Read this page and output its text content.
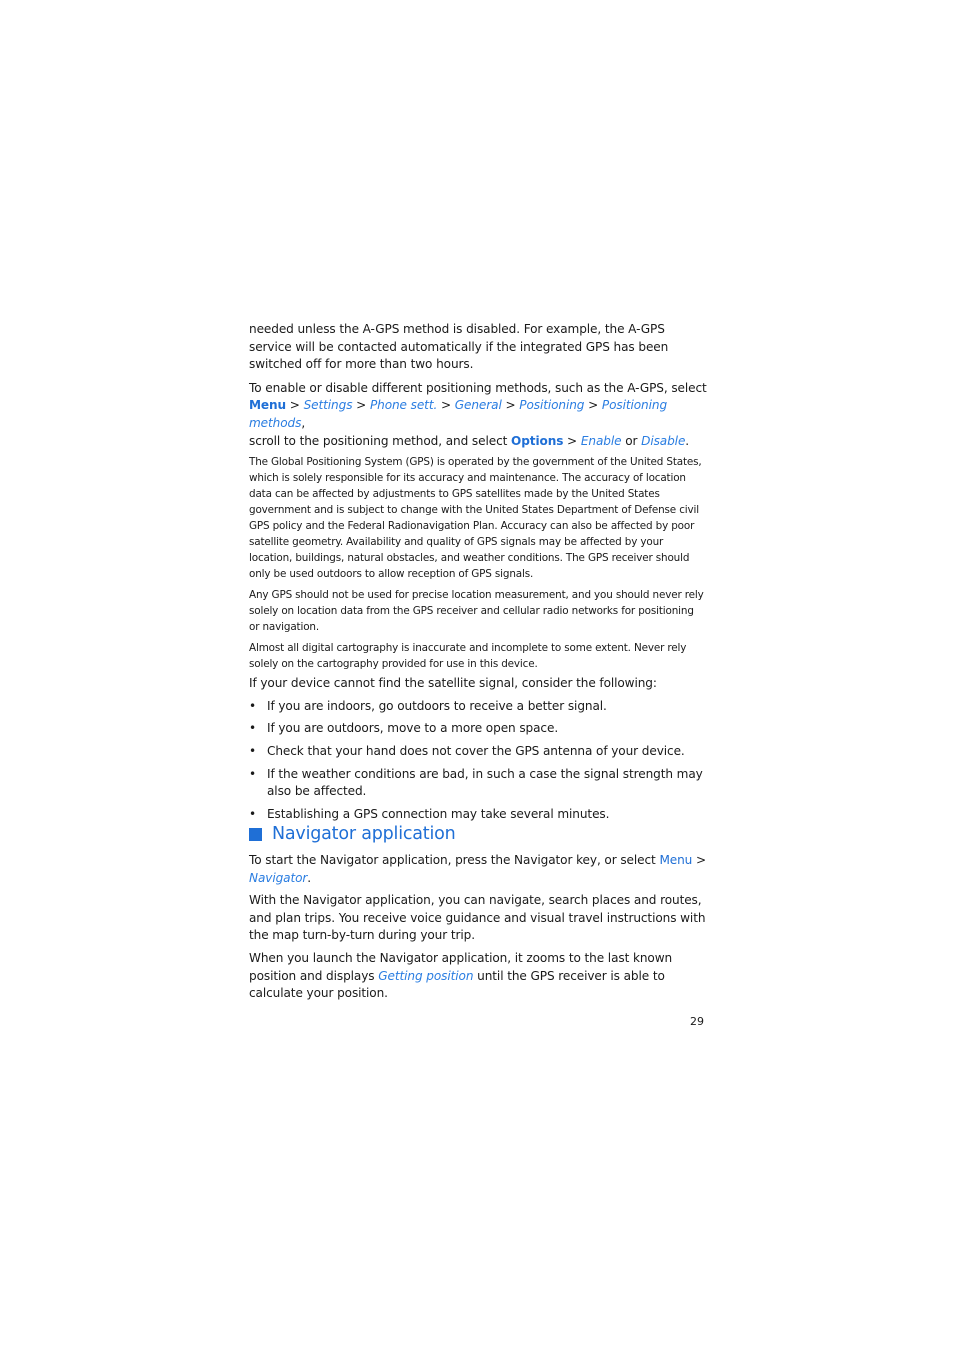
needed unless the A-GPS method is disabled. For example, the A-GPS service will be contacted automatically if the integrated GPS has been switched off for more than two hours.

To enable or disable different positioning methods, such as the A-GPS, select
Menu > Settings > Phone sett. > General > Positioning > Positioning methods,
scroll to the positioning method, and select Options > Enable or Disable.

The Global Positioning System (GPS) is operated by the government of the United States, which is solely responsible for its accuracy and maintenance. The accuracy of location data can be affected by adjustments to GPS satellites made by the United States government and is subject to change with the United States Department of Defense civil GPS policy and the Federal Radionavigation Plan. Accuracy can also be affected by poor satellite geometry. Availability and quality of GPS signals may be affected by your location, buildings, natural obstacles, and weather conditions. The GPS receiver should only be used outdoors to allow reception of GPS signals.

Any GPS should not be used for precise location measurement, and you should never rely solely on location data from the GPS receiver and cellular radio networks for positioning or navigation.

Almost all digital cartography is inaccurate and incomplete to some extent. Never rely solely on the cartography provided for use in this device.

If your device cannot find the satellite signal, consider the following:

• If you are indoors, go outdoors to receive a better signal.
• If you are outdoors, move to a more open space.
• Check that your hand does not cover the GPS antenna of your device.
• If the weather conditions are bad, in such a case the signal strength may also be affected.
• Establishing a GPS connection may take several minutes.
Navigator application

To start the Navigator application, press the Navigator key, or select Menu >
Navigator.

With the Navigator application, you can navigate, search places and routes, and plan trips. You receive voice guidance and visual travel instructions with the map turn-by-turn during your trip.

When you launch the Navigator application, it zooms to the last known position and displays Getting position until the GPS receiver is able to calculate your position.

29
